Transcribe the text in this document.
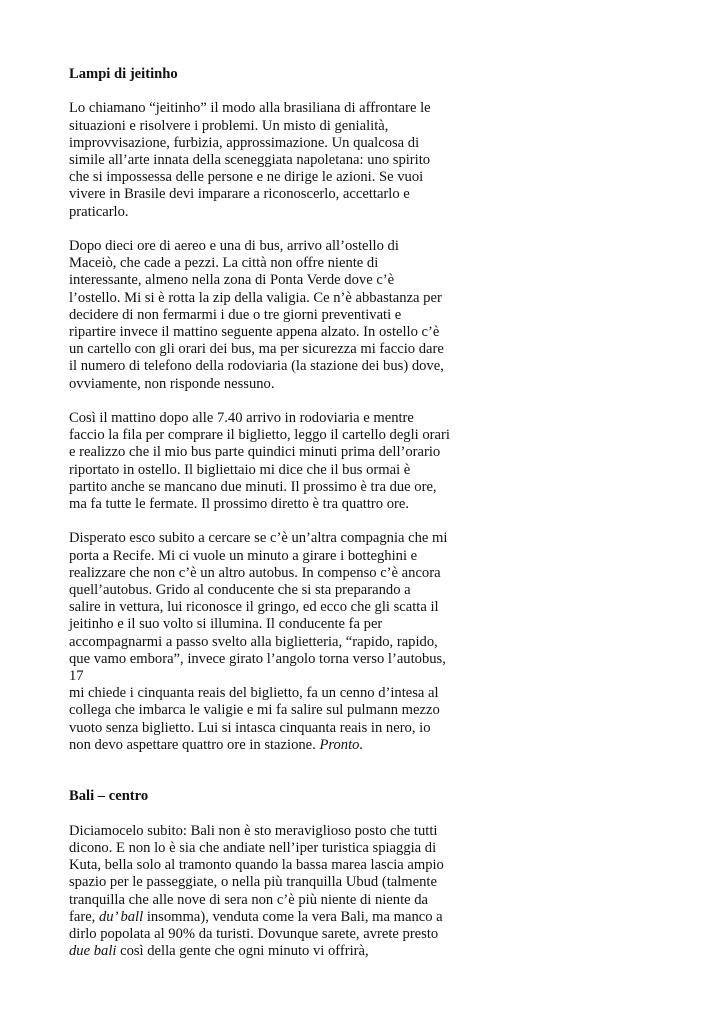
Lampi di jeitinho
Lo chiamano “jeitinho” il modo alla brasiliana di affrontare le
situazioni e risolvere i problemi. Un misto di genialità,
improvvisazione, furbizia, approssimazione. Un qualcosa di
simile all’arte innata della sceneggiata napoletana: uno spirito
che si impossessa delle persone e ne dirige le azioni. Se vuoi
vivere in Brasile devi imparare a riconoscerlo, accettarlo e
praticarlo.
Dopo dieci ore di aereo e una di bus, arrivo all’ostello di
Maceiò, che cade a pezzi. La città non offre niente di
interessante, almeno nella zona di Ponta Verde dove c’è
l’ostello. Mi si è rotta la zip della valigia. Ce n’è abbastanza per
decidere di non fermarmi i due o tre giorni preventivati e
ripartire invece il mattino seguente appena alzato. In ostello c’è
un cartello con gli orari dei bus, ma per sicurezza mi faccio dare
il numero di telefono della rodoviaria (la stazione dei bus) dove,
ovviamente, non risponde nessuno.
Così il mattino dopo alle 7.40 arrivo in rodoviaria e mentre
faccio la fila per comprare il biglietto, leggo il cartello degli orari
e realizzo che il mio bus parte quindici minuti prima dell’orario
riportato in ostello. Il bigliettaio mi dice che il bus ormai è
partito anche se mancano due minuti. Il prossimo è tra due ore,
ma fa tutte le fermate. Il prossimo diretto è tra quattro ore.
Disperato esco subito a cercare se c’è un’altra compagnia che mi
porta a Recife. Mi ci vuole un minuto a girare i botteghini e
realizzare che non c’è un altro autobus. In compenso c’è ancora
quell’autobus. Grido al conducente che si sta preparando a
salire in vettura, lui riconosce il gringo, ed ecco che gli scatta il
jeitinho e il suo volto si illumina. Il conducente fa per
accompagnarmi a passo svelto alla biglietteria, “rapido, rapido,
que vamo embora”, invece girato l’angolo torna verso l’autobus,
17
mi chiede i cinquanta reais del biglietto, fa un cenno d’intesa al
collega che imbarca le valigie e mi fa salire sul pulmann mezzo
vuoto senza biglietto. Lui si intasca cinquanta reais in nero, io
non devo aspettare quattro ore in stazione. Pronto.
Bali – centro
Diciamocelo subito: Bali non è sto meraviglioso posto che tutti
dicono. E non lo è sia che andiate nell’iper turistica spiaggia di
Kuta, bella solo al tramonto quando la bassa marea lascia ampio
spazio per le passeggiate, o nella più tranquilla Ubud (talmente
tranquilla che alle nove di sera non c’è più niente di niente da
fare, du’ ball insomma), venduta come la vera Bali, ma manco a
dirlo popolata al 90% da turisti. Dovunque sarete, avrete presto
due bali così della gente che ogni minuto vi offrirà,
